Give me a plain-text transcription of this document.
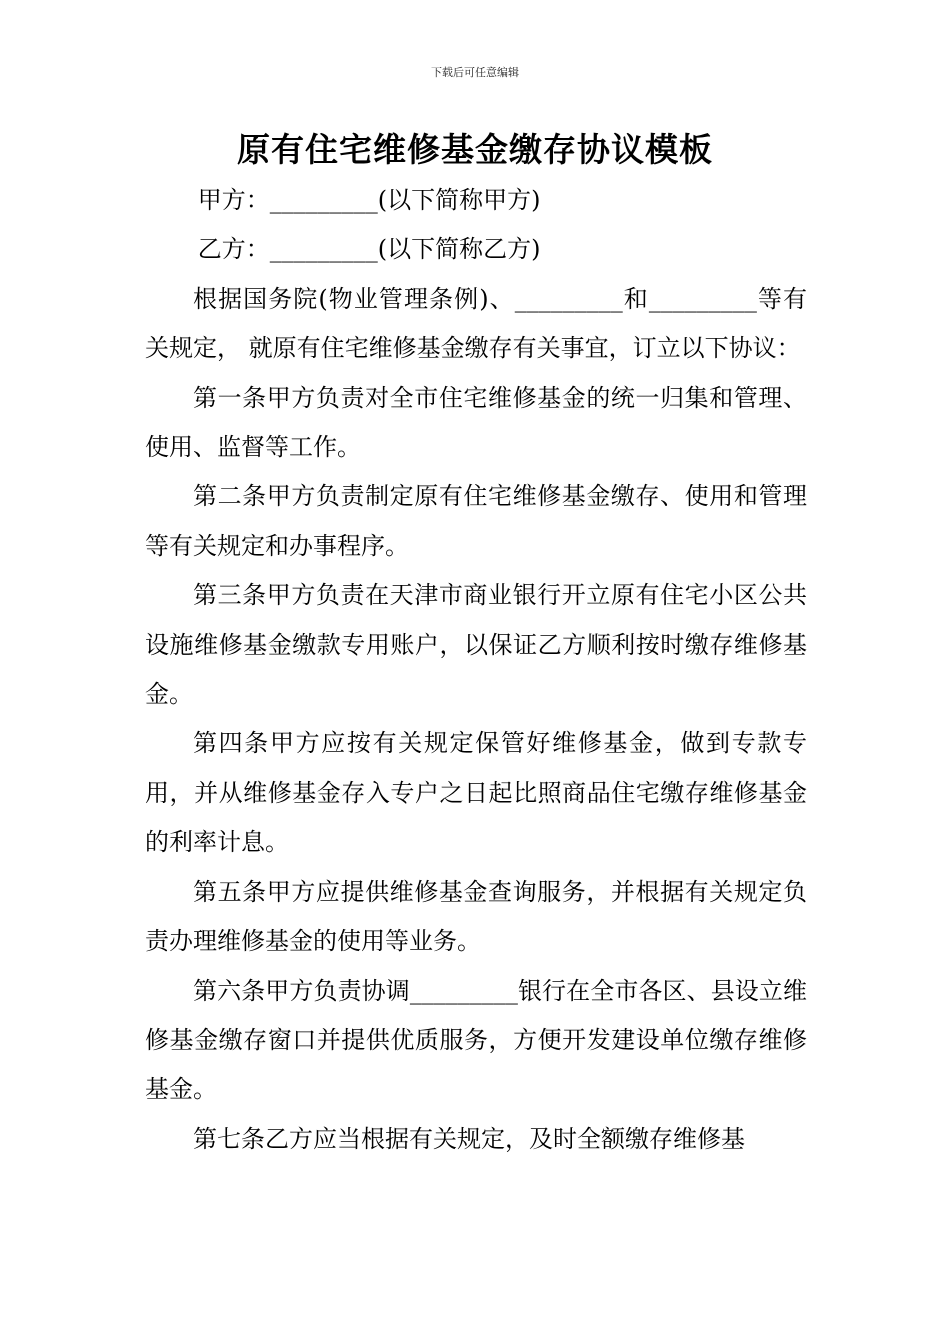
下载后可任意编辑
原有住宅维修基金缴存协议模板

甲方：_________(以下简称甲方)

乙方：_________(以下简称乙方)

根据国务院(物业管理条例)、_________和_________等有关规定， 就原有住宅维修基金缴存有关事宜，订立以下协议：

第一条甲方负责对全市住宅维修基金的统一归集和管理、使用、监督等工作。

第二条甲方负责制定原有住宅维修基金缴存、使用和管理等有关规定和办事程序。

第三条甲方负责在天津市商业银行开立原有住宅小区公共设施维修基金缴款专用账户，以保证乙方顺利按时缴存维修基金。

第四条甲方应按有关规定保管好维修基金，做到专款专用，并从维修基金存入专户之日起比照商品住宅缴存维修基金的利率计息。

第五条甲方应提供维修基金查询服务，并根据有关规定负责办理维修基金的使用等业务。

第六条甲方负责协调_________银行在全市各区、县设立维修基金缴存窗口并提供优质服务，方便开发建设单位缴存维修基金。

第七条乙方应当根据有关规定，及时全额缴存维修基
